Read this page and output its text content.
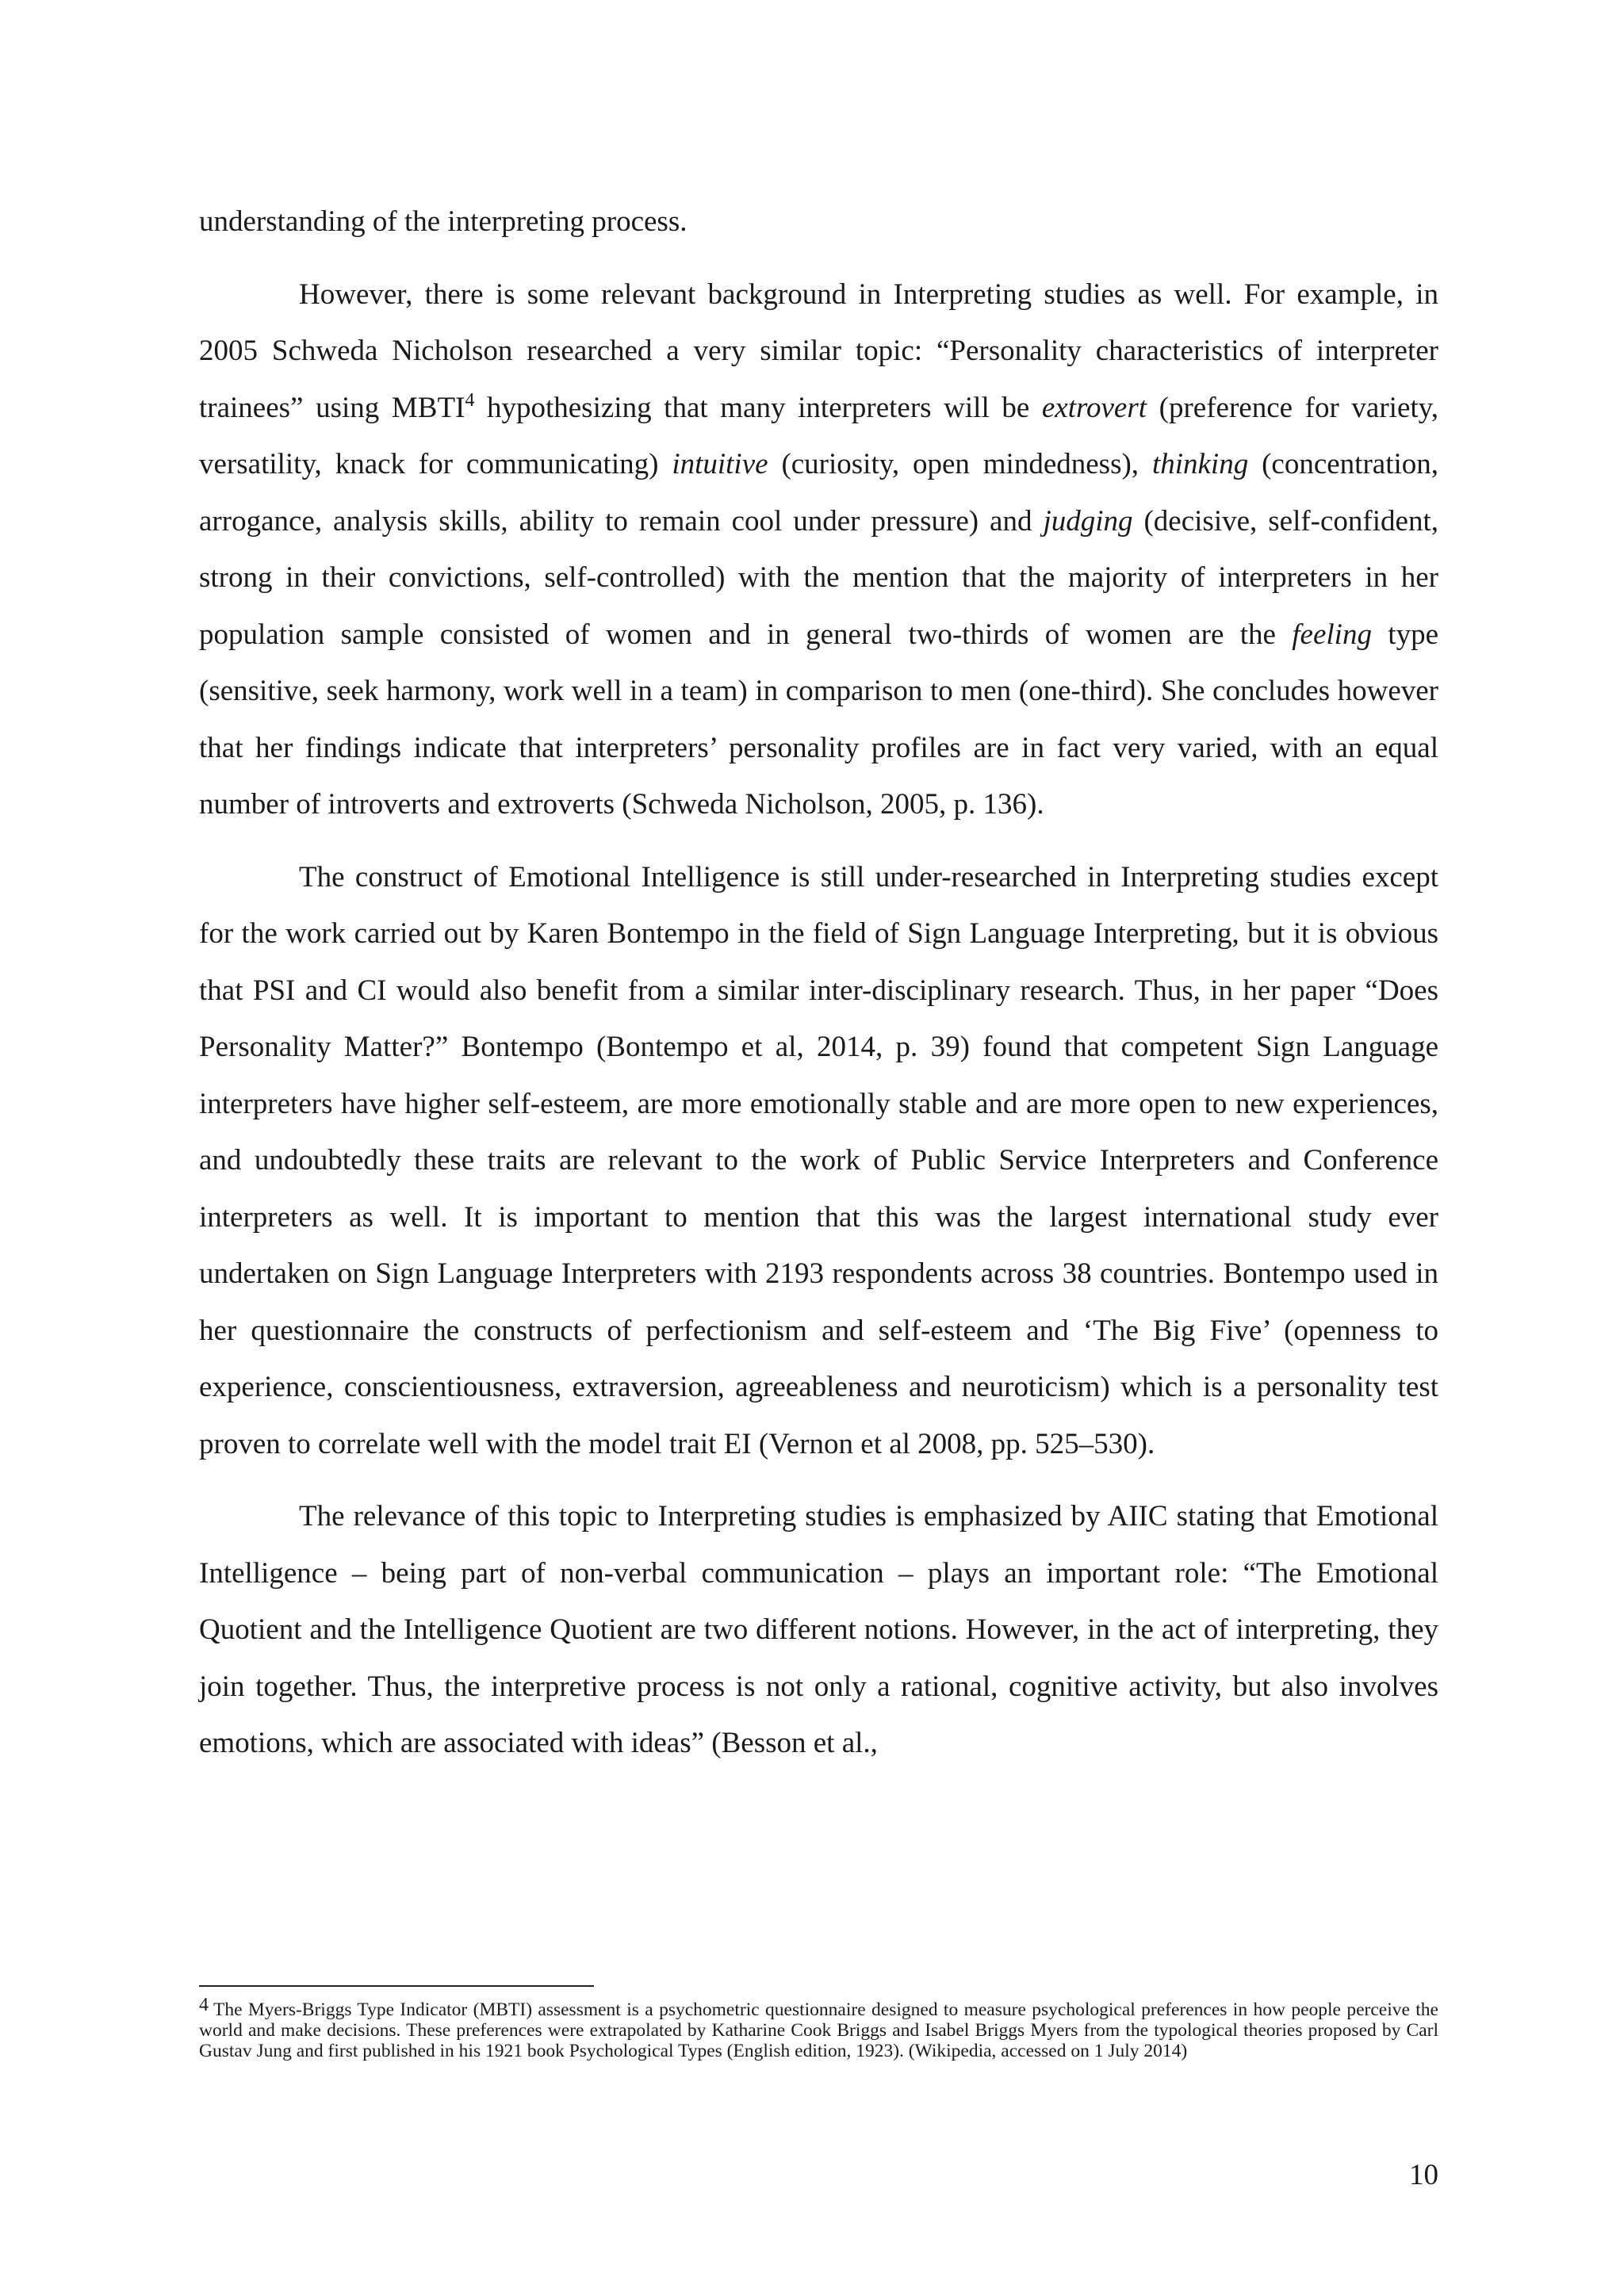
understanding of the interpreting process.

However, there is some relevant background in Interpreting studies as well. For example, in 2005 Schweda Nicholson researched a very similar topic: “Personality characteristics of interpreter trainees” using MBTI$^4$ hypothesizing that many interpreters will be extrovert (preference for variety, versatility, knack for communicating) intuitive (curiosity, open mindedness), thinking (concentration, arrogance, analysis skills, ability to remain cool under pressure) and judging (decisive, self-confident, strong in their convictions, self-controlled) with the mention that the majority of interpreters in her population sample consisted of women and in general two-thirds of women are the feeling type (sensitive, seek harmony, work well in a team) in comparison to men (one-third). She concludes however that her findings indicate that interpreters’ personality profiles are in fact very varied, with an equal number of introverts and extroverts (Schweda Nicholson, 2005, p. 136).

The construct of Emotional Intelligence is still under-researched in Interpreting studies except for the work carried out by Karen Bontempo in the field of Sign Language Interpreting, but it is obvious that PSI and CI would also benefit from a similar inter-disciplinary research. Thus, in her paper “Does Personality Matter?” Bontempo (Bontempo et al, 2014, p. 39) found that competent Sign Language interpreters have higher self-esteem, are more emotionally stable and are more open to new experiences, and undoubtedly these traits are relevant to the work of Public Service Interpreters and Conference interpreters as well. It is important to mention that this was the largest international study ever undertaken on Sign Language Interpreters with 2193 respondents across 38 countries. Bontempo used in her questionnaire the constructs of perfectionism and self-esteem and ‘The Big Five’ (openness to experience, conscientiousness, extraversion, agreeableness and neuroticism) which is a personality test proven to correlate well with the model trait EI (Vernon et al 2008, pp. 525–530).

The relevance of this topic to Interpreting studies is emphasized by AIIC stating that Emotional Intelligence – being part of non-verbal communication – plays an important role: “The Emotional Quotient and the Intelligence Quotient are two different notions. However, in the act of interpreting, they join together. Thus, the interpretive process is not only a rational, cognitive activity, but also involves emotions, which are associated with ideas” (Besson et al.,

$^4$ The Myers-Briggs Type Indicator (MBTI) assessment is a psychometric questionnaire designed to measure psychological preferences in how people perceive the world and make decisions. These preferences were extrapolated by Katharine Cook Briggs and Isabel Briggs Myers from the typological theories proposed by Carl Gustav Jung and first published in his 1921 book Psychological Types (English edition, 1923). (Wikipedia, accessed on 1 July 2014)
10
